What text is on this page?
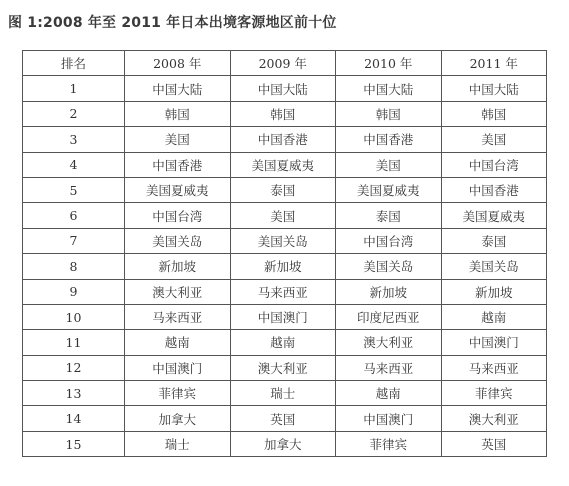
图 1:2008 年至 2011 年日本出境客源地区前十位
排名	2008 年	2009 年	2010 年	2011 年
1	中国大陆	中国大陆	中国大陆	中国大陆
2	韩国	韩国	韩国	韩国
3	美国	中国香港	中国香港	美国
4	中国香港	美国夏威夷	美国	中国台湾
5	美国夏威夷	泰国	美国夏威夷	中国香港
6	中国台湾	美国	泰国	美国夏威夷
7	美国关岛	美国关岛	中国台湾	泰国
8	新加坡	新加坡	美国关岛	美国关岛
9	澳大利亚	马来西亚	新加坡	新加坡
10	马来西亚	中国澳门	印度尼西亚	越南
11	越南	越南	澳大利亚	中国澳门
12	中国澳门	澳大利亚	马来西亚	马来西亚
13	菲律宾	瑞士	越南	菲律宾
14	加拿大	英国	中国澳门	澳大利亚
15	瑞士	加拿大	菲律宾	英国
